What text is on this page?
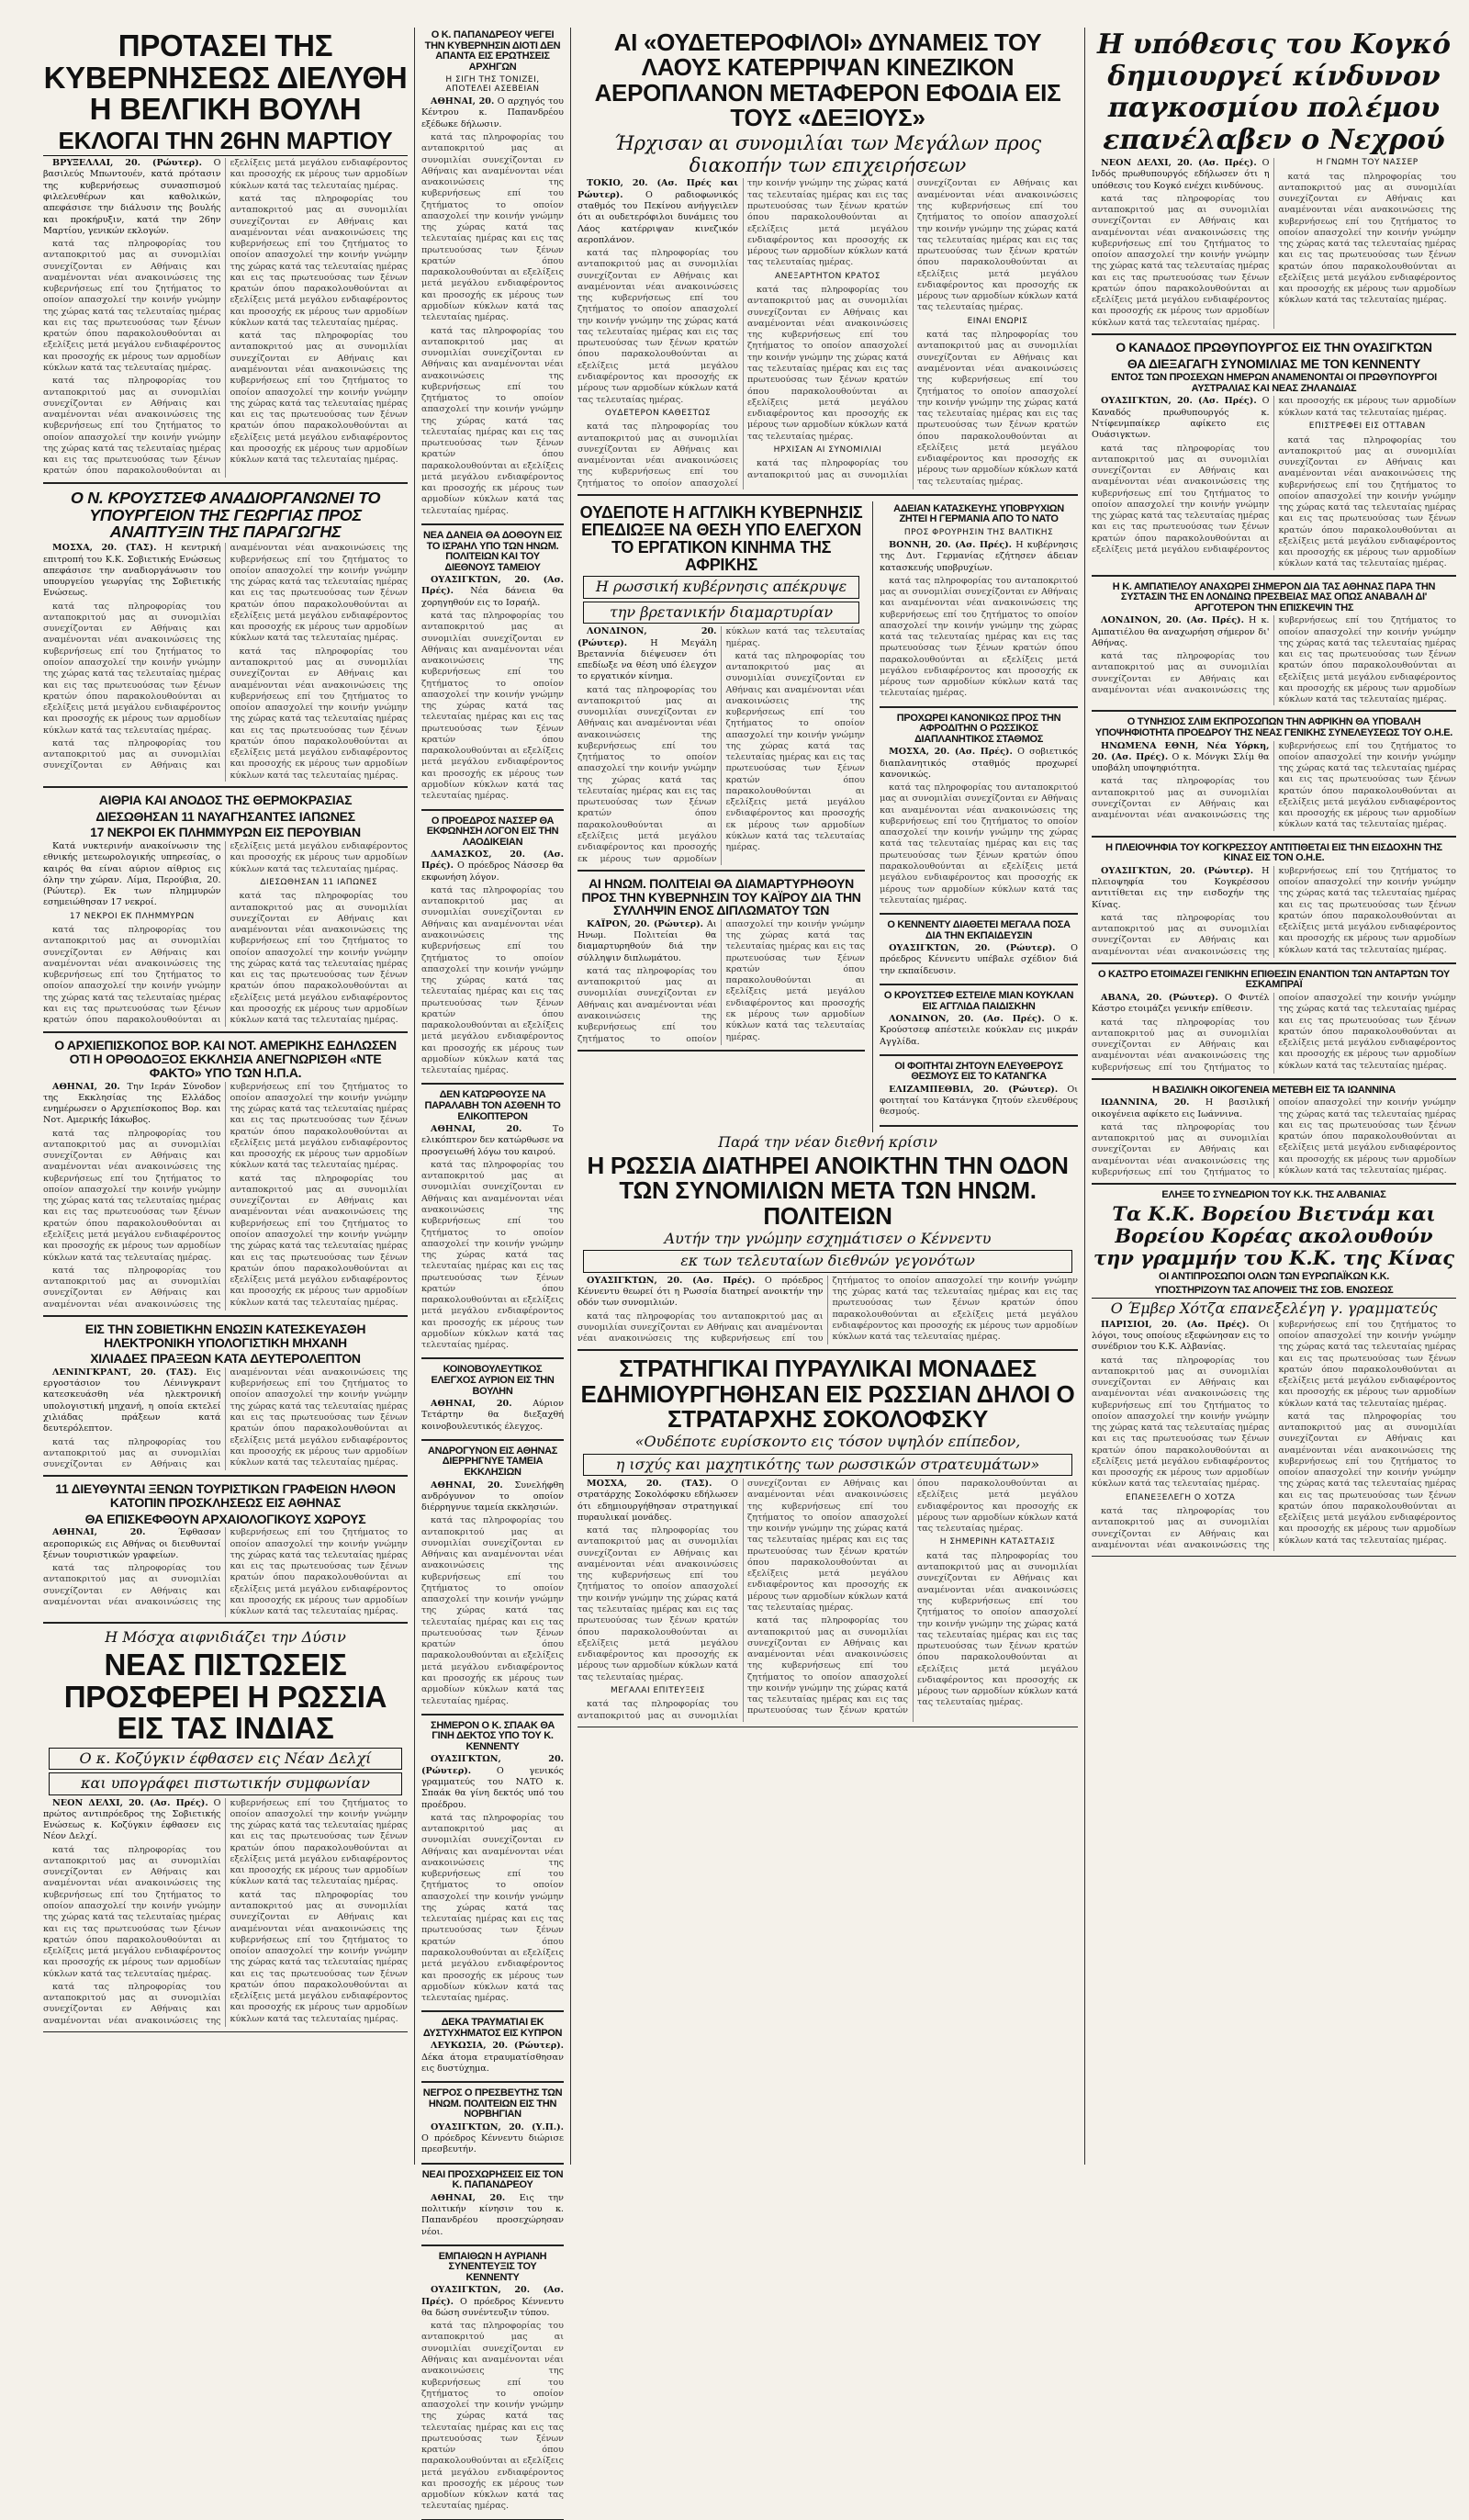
ΠΡΟΤΑΣΕΙ ΤΗΣ ΚΥΒΕΡΝΗΣΕΩΣ ΔΙΕΛΥΘΗ Η ΒΕΛΓΙΚΗ ΒΟΥΛΗ
ΕΚΛΟΓΑΙ ΤΗΝ 26ΗΝ ΜΑΡΤΙΟΥ

ΒΡΥΞΕΛΛΑΙ, 20. (Ρώυτερ). Ο βασιλεύς Μπωντουέν, κατά πρότασιν της κυβερνήσεως συνασπισμού φιλελευθέρων και καθολικών, απεφάσισε την διάλυσιν της βουλής και προκήρυξιν, κατά την 26ην Μαρτίου, γενικών εκλογών.

κατά τας πληροφορίας του ανταποκριτού μας αι συνομιλίαι συνεχίζονται εν Αθήναις και αναμένονται νέαι ανακοινώσεις της κυβερνήσεως επί του ζητήματος το οποίον απασχολεί την κοινήν γνώμην της χώρας κατά τας τελευταίας ημέρας και εις τας πρωτευούσας των ξένων κρατών όπου παρακολουθούνται αι εξελίξεις μετά μεγάλου ενδιαφέροντος και προσοχής εκ μέρους των αρμοδίων κύκλων κατά τας τελευταίας ημέρας.

κατά τας πληροφορίας του ανταποκριτού μας αι συνομιλίαι συνεχίζονται εν Αθήναις και αναμένονται νέαι ανακοινώσεις της κυβερνήσεως επί του ζητήματος το οποίον απασχολεί την κοινήν γνώμην της χώρας κατά τας τελευταίας ημέρας και εις τας πρωτευούσας των ξένων κρατών όπου παρακολουθούνται αι εξελίξεις μετά μεγάλου ενδιαφέροντος και προσοχής εκ μέρους των αρμοδίων κύκλων κατά τας τελευταίας ημέρας.

κατά τας πληροφορίας του ανταποκριτού μας αι συνομιλίαι συνεχίζονται εν Αθήναις και αναμένονται νέαι ανακοινώσεις της κυβερνήσεως επί του ζητήματος το οποίον απασχολεί την κοινήν γνώμην της χώρας κατά τας τελευταίας ημέρας και εις τας πρωτευούσας των ξένων κρατών όπου παρακολουθούνται αι εξελίξεις μετά μεγάλου ενδιαφέροντος και προσοχής εκ μέρους των αρμοδίων κύκλων κατά τας τελευταίας ημέρας.

κατά τας πληροφορίας του ανταποκριτού μας αι συνομιλίαι συνεχίζονται εν Αθήναις και αναμένονται νέαι ανακοινώσεις της κυβερνήσεως επί του ζητήματος το οποίον απασχολεί την κοινήν γνώμην της χώρας κατά τας τελευταίας ημέρας και εις τας πρωτευούσας των ξένων κρατών όπου παρακολουθούνται αι εξελίξεις μετά μεγάλου ενδιαφέροντος και προσοχής εκ μέρους των αρμοδίων κύκλων κατά τας τελευταίας ημέρας.

Ο Ν. ΚΡΟΥΣΤΣΕΦ ΑΝΑΔΙΟΡΓΑΝΩΝΕΙ ΤΟ ΥΠΟΥΡΓΕΙΟΝ ΤΗΣ ΓΕΩΡΓΙΑΣ ΠΡΟΣ ΑΝΑΠΤΥΞΙΝ ΤΗΣ ΠΑΡΑΓΩΓΗΣ

ΜΟΣΧΑ, 20. (ΤΑΣ). Η κεντρική επιτροπή του Κ.Κ. Σοβιετικής Ενώσεως απεφάσισε την αναδιοργάνωσιν του υπουργείου γεωργίας της Σοβιετικής Ενώσεως.

κατά τας πληροφορίας του ανταποκριτού μας αι συνομιλίαι συνεχίζονται εν Αθήναις και αναμένονται νέαι ανακοινώσεις της κυβερνήσεως επί του ζητήματος το οποίον απασχολεί την κοινήν γνώμην της χώρας κατά τας τελευταίας ημέρας και εις τας πρωτευούσας των ξένων κρατών όπου παρακολουθούνται αι εξελίξεις μετά μεγάλου ενδιαφέροντος και προσοχής εκ μέρους των αρμοδίων κύκλων κατά τας τελευταίας ημέρας.

κατά τας πληροφορίας του ανταποκριτού μας αι συνομιλίαι συνεχίζονται εν Αθήναις και αναμένονται νέαι ανακοινώσεις της κυβερνήσεως επί του ζητήματος το οποίον απασχολεί την κοινήν γνώμην της χώρας κατά τας τελευταίας ημέρας και εις τας πρωτευούσας των ξένων κρατών όπου παρακολουθούνται αι εξελίξεις μετά μεγάλου ενδιαφέροντος και προσοχής εκ μέρους των αρμοδίων κύκλων κατά τας τελευταίας ημέρας.

κατά τας πληροφορίας του ανταποκριτού μας αι συνομιλίαι συνεχίζονται εν Αθήναις και αναμένονται νέαι ανακοινώσεις της κυβερνήσεως επί του ζητήματος το οποίον απασχολεί την κοινήν γνώμην της χώρας κατά τας τελευταίας ημέρας και εις τας πρωτευούσας των ξένων κρατών όπου παρακολουθούνται αι εξελίξεις μετά μεγάλου ενδιαφέροντος και προσοχής εκ μέρους των αρμοδίων κύκλων κατά τας τελευταίας ημέρας.

ΑΙΘΡΙΑ ΚΑΙ ΑΝΟΔΟΣ ΤΗΣ ΘΕΡΜΟΚΡΑΣΙΑΣ
ΔΙΕΣΩΘΗΣΑΝ 11 ΝΑΥΑΓΗΣΑΝΤΕΣ ΙΑΠΩΝΕΣ
17 ΝΕΚΡΟΙ ΕΚ ΠΛΗΜΜΥΡΩΝ ΕΙΣ ΠΕΡΟΥΒΙΑΝ

Κατά νυκτερινήν ανακοίνωσιν της εθνικής μετεωρολογικής υπηρεσίας, ο καιρός θα είναι αύριον αίθριος εις όλην την χώραν. Λίμα, Περούβια, 20. (Ρώυτερ). Εκ των πλημμυρών εσημειώθησαν 17 νεκροί.

17 ΝΕΚΡΟΙ ΕΚ ΠΛΗΜΜΥΡΩΝ

κατά τας πληροφορίας του ανταποκριτού μας αι συνομιλίαι συνεχίζονται εν Αθήναις και αναμένονται νέαι ανακοινώσεις της κυβερνήσεως επί του ζητήματος το οποίον απασχολεί την κοινήν γνώμην της χώρας κατά τας τελευταίας ημέρας και εις τας πρωτευούσας των ξένων κρατών όπου παρακολουθούνται αι εξελίξεις μετά μεγάλου ενδιαφέροντος και προσοχής εκ μέρους των αρμοδίων κύκλων κατά τας τελευταίας ημέρας.

ΔΙΕΣΩΘΗΣΑΝ 11 ΙΑΠΩΝΕΣ

κατά τας πληροφορίας του ανταποκριτού μας αι συνομιλίαι συνεχίζονται εν Αθήναις και αναμένονται νέαι ανακοινώσεις της κυβερνήσεως επί του ζητήματος το οποίον απασχολεί την κοινήν γνώμην της χώρας κατά τας τελευταίας ημέρας και εις τας πρωτευούσας των ξένων κρατών όπου παρακολουθούνται αι εξελίξεις μετά μεγάλου ενδιαφέροντος και προσοχής εκ μέρους των αρμοδίων κύκλων κατά τας τελευταίας ημέρας.

Ο ΑΡΧΙΕΠΙΣΚΟΠΟΣ ΒΟΡ. ΚΑΙ ΝΟΤ. ΑΜΕΡΙΚΗΣ ΕΔΗΛΩΣΕΝ ΟΤΙ Η ΟΡΘΟΔΟΞΟΣ ΕΚΚΛΗΣΙΑ ΑΝΕΓΝΩΡΙΣΘΗ «ΝΤΕ ΦΑΚΤΟ» ΥΠΟ ΤΩΝ Η.Π.Α.

ΑΘΗΝΑΙ, 20. Την Ιεράν Σύνοδον της Εκκλησίας της Ελλάδος ενημέρωσεν ο Αρχιεπίσκοπος Βορ. και Νοτ. Αμερικής Ιάκωβος.

κατά τας πληροφορίας του ανταποκριτού μας αι συνομιλίαι συνεχίζονται εν Αθήναις και αναμένονται νέαι ανακοινώσεις της κυβερνήσεως επί του ζητήματος το οποίον απασχολεί την κοινήν γνώμην της χώρας κατά τας τελευταίας ημέρας και εις τας πρωτευούσας των ξένων κρατών όπου παρακολουθούνται αι εξελίξεις μετά μεγάλου ενδιαφέροντος και προσοχής εκ μέρους των αρμοδίων κύκλων κατά τας τελευταίας ημέρας.

κατά τας πληροφορίας του ανταποκριτού μας αι συνομιλίαι συνεχίζονται εν Αθήναις και αναμένονται νέαι ανακοινώσεις της κυβερνήσεως επί του ζητήματος το οποίον απασχολεί την κοινήν γνώμην της χώρας κατά τας τελευταίας ημέρας και εις τας πρωτευούσας των ξένων κρατών όπου παρακολουθούνται αι εξελίξεις μετά μεγάλου ενδιαφέροντος και προσοχής εκ μέρους των αρμοδίων κύκλων κατά τας τελευταίας ημέρας.

κατά τας πληροφορίας του ανταποκριτού μας αι συνομιλίαι συνεχίζονται εν Αθήναις και αναμένονται νέαι ανακοινώσεις της κυβερνήσεως επί του ζητήματος το οποίον απασχολεί την κοινήν γνώμην της χώρας κατά τας τελευταίας ημέρας και εις τας πρωτευούσας των ξένων κρατών όπου παρακολουθούνται αι εξελίξεις μετά μεγάλου ενδιαφέροντος και προσοχής εκ μέρους των αρμοδίων κύκλων κατά τας τελευταίας ημέρας.

ΕΙΣ ΤΗΝ ΣΟΒΙΕΤΙΚΗΝ ΕΝΩΣΙΝ ΚΑΤΕΣΚΕΥΑΣΘΗ ΗΛΕΚΤΡΟΝΙΚΗ ΥΠΟΛΟΓΙΣΤΙΚΗ ΜΗΧΑΝΗ
ΧΙΛΙΑΔΕΣ ΠΡΑΞΕΩΝ ΚΑΤΑ ΔΕΥΤΕΡΟΛΕΠΤΟΝ

ΛΕΝΙΝΓΚΡΑΝΤ, 20. (ΤΑΣ). Εις εργοστάσιον του Λένινγκραντ κατεσκευάσθη νέα ηλεκτρονική υπολογιστική μηχανή, η οποία εκτελεί χιλιάδας πράξεων κατά δευτερόλεπτον.

κατά τας πληροφορίας του ανταποκριτού μας αι συνομιλίαι συνεχίζονται εν Αθήναις και αναμένονται νέαι ανακοινώσεις της κυβερνήσεως επί του ζητήματος το οποίον απασχολεί την κοινήν γνώμην της χώρας κατά τας τελευταίας ημέρας και εις τας πρωτευούσας των ξένων κρατών όπου παρακολουθούνται αι εξελίξεις μετά μεγάλου ενδιαφέροντος και προσοχής εκ μέρους των αρμοδίων κύκλων κατά τας τελευταίας ημέρας.

11 ΔΙΕΥΘΥΝΤΑΙ ΞΕΝΩΝ ΤΟΥΡΙΣΤΙΚΩΝ ΓΡΑΦΕΙΩΝ ΗΛΘΟΝ ΚΑΤΟΠΙΝ ΠΡΟΣΚΛΗΣΕΩΣ ΕΙΣ ΑΘΗΝΑΣ
ΘΑ ΕΠΙΣΚΕΦΘΟΥΝ ΑΡΧΑΙΟΛΟΓΙΚΟΥΣ ΧΩΡΟΥΣ

ΑΘΗΝΑΙ, 20.	Έφθασαν αεροπορικώς εις Αθήνας οι διευθυνταί ξένων τουριστικών γραφείων.

κατά τας πληροφορίας του ανταποκριτού μας αι συνομιλίαι συνεχίζονται εν Αθήναις και αναμένονται νέαι ανακοινώσεις της κυβερνήσεως επί του ζητήματος το οποίον απασχολεί την κοινήν γνώμην της χώρας κατά τας τελευταίας ημέρας και εις τας πρωτευούσας των ξένων κρατών όπου παρακολουθούνται αι εξελίξεις μετά μεγάλου ενδιαφέροντος και προσοχής εκ μέρους των αρμοδίων κύκλων κατά τας τελευταίας ημέρας.

Η Μόσχα αιφνιδιάζει την Δύσιν
ΝΕΑΣ ΠΙΣΤΩΣΕΙΣ ΠΡΟΣΦΕΡΕΙ Η ΡΩΣΣΙΑ ΕΙΣ ΤΑΣ ΙΝΔΙΑΣ
Ο κ. Κοζύγκιν έφθασεν εις Νέαν Δελχί
και υπογράφει πιστωτικήν συμφωνίαν

ΝΕΟΝ ΔΕΛΧΙ, 20. (Ασ. Πρές). Ο πρώτος αντιπρόεδρος της Σοβιετικής Ενώσεως κ. Κοζύγκιν έφθασεν εις Νέον Δελχί.

κατά τας πληροφορίας του ανταποκριτού μας αι συνομιλίαι συνεχίζονται εν Αθήναις και αναμένονται νέαι ανακοινώσεις της κυβερνήσεως επί του ζητήματος το οποίον απασχολεί την κοινήν γνώμην της χώρας κατά τας τελευταίας ημέρας και εις τας πρωτευούσας των ξένων κρατών όπου παρακολουθούνται αι εξελίξεις μετά μεγάλου ενδιαφέροντος και προσοχής εκ μέρους των αρμοδίων κύκλων κατά τας τελευταίας ημέρας.

κατά τας πληροφορίας του ανταποκριτού μας αι συνομιλίαι συνεχίζονται εν Αθήναις και αναμένονται νέαι ανακοινώσεις της κυβερνήσεως επί του ζητήματος το οποίον απασχολεί την κοινήν γνώμην της χώρας κατά τας τελευταίας ημέρας και εις τας πρωτευούσας των ξένων κρατών όπου παρακολουθούνται αι εξελίξεις μετά μεγάλου ενδιαφέροντος και προσοχής εκ μέρους των αρμοδίων κύκλων κατά τας τελευταίας ημέρας.

κατά τας πληροφορίας του ανταποκριτού μας αι συνομιλίαι συνεχίζονται εν Αθήναις και αναμένονται νέαι ανακοινώσεις της κυβερνήσεως επί του ζητήματος το οποίον απασχολεί την κοινήν γνώμην της χώρας κατά τας τελευταίας ημέρας και εις τας πρωτευούσας των ξένων κρατών όπου παρακολουθούνται αι εξελίξεις μετά μεγάλου ενδιαφέροντος και προσοχής εκ μέρους των αρμοδίων κύκλων κατά τας τελευταίας ημέρας.

Ο Κ. ΠΑΠΑΝΔΡΕΟΥ ΨΕΓΕΙ ΤΗΝ ΚΥΒΕΡΝΗΣΙΝ ΔΙΟΤΙ ΔΕΝ ΑΠΑΝΤΑ ΕΙΣ ΕΡΩΤΗΣΕΙΣ ΑΡΧΗΓΩΝ
Η ΣΙΓΗ ΤΗΣ ΤΟΝΙΖΕΙ, ΑΠΟΤΕΛΕΙ ΑΣΕΒΕΙΑΝ

ΑΘΗΝΑΙ, 20. Ο αρχηγός του Κέντρου κ. Παπανδρέου εξέδωκε δήλωσιν.

κατά τας πληροφορίας του ανταποκριτού μας αι συνομιλίαι συνεχίζονται εν Αθήναις και αναμένονται νέαι ανακοινώσεις της κυβερνήσεως επί του ζητήματος το οποίον απασχολεί την κοινήν γνώμην της χώρας κατά τας τελευταίας ημέρας και εις τας πρωτευούσας των ξένων κρατών όπου παρακολουθούνται αι εξελίξεις μετά μεγάλου ενδιαφέροντος και προσοχής εκ μέρους των αρμοδίων κύκλων κατά τας τελευταίας ημέρας.

κατά τας πληροφορίας του ανταποκριτού μας αι συνομιλίαι συνεχίζονται εν Αθήναις και αναμένονται νέαι ανακοινώσεις της κυβερνήσεως επί του ζητήματος το οποίον απασχολεί την κοινήν γνώμην της χώρας κατά τας τελευταίας ημέρας και εις τας πρωτευούσας των ξένων κρατών όπου παρακολουθούνται αι εξελίξεις μετά μεγάλου ενδιαφέροντος και προσοχής εκ μέρους των αρμοδίων κύκλων κατά τας τελευταίας ημέρας.

ΝΕΑ ΔΑΝΕΙΑ ΘΑ ΔΟΘΟΥΝ ΕΙΣ ΤΟ ΙΣΡΑΗΛ ΥΠΟ ΤΩΝ ΗΝΩΜ. ΠΟΛΙΤΕΙΩΝ ΚΑΙ ΤΟΥ ΔΙΕΘΝΟΥΣ ΤΑΜΕΙΟΥ

ΟΥΑΣΙΓΚΤΩΝ, 20. (Ασ. Πρές). Νέα δάνεια θα χορηγηθούν εις το Ισραήλ.

κατά τας πληροφορίας του ανταποκριτού μας αι συνομιλίαι συνεχίζονται εν Αθήναις και αναμένονται νέαι ανακοινώσεις της κυβερνήσεως επί του ζητήματος το οποίον απασχολεί την κοινήν γνώμην της χώρας κατά τας τελευταίας ημέρας και εις τας πρωτευούσας των ξένων κρατών όπου παρακολουθούνται αι εξελίξεις μετά μεγάλου ενδιαφέροντος και προσοχής εκ μέρους των αρμοδίων κύκλων κατά τας τελευταίας ημέρας.

Ο ΠΡΟΕΔΡΟΣ ΝΑΣΣΕΡ ΘΑ ΕΚΦΩΝΗΣΗ ΛΟΓΟΝ ΕΙΣ ΤΗΝ ΛΑΟΔΙΚΕΙΑΝ

ΔΑΜΑΣΚΟΣ, 20. (Ασ. Πρές). Ο πρόεδρος Νάσσερ θα εκφωνήση λόγον.

κατά τας πληροφορίας του ανταποκριτού μας αι συνομιλίαι συνεχίζονται εν Αθήναις και αναμένονται νέαι ανακοινώσεις της κυβερνήσεως επί του ζητήματος το οποίον απασχολεί την κοινήν γνώμην της χώρας κατά τας τελευταίας ημέρας και εις τας πρωτευούσας των ξένων κρατών όπου παρακολουθούνται αι εξελίξεις μετά μεγάλου ενδιαφέροντος και προσοχής εκ μέρους των αρμοδίων κύκλων κατά τας τελευταίας ημέρας.

ΔΕΝ ΚΑΤΩΡΘΟΥΣΕ ΝΑ ΠΑΡΑΛΑΒΗ ΤΟΝ ΑΣΘΕΝΗ ΤΟ ΕΛΙΚΟΠΤΕΡΟΝ

ΑΘΗΝΑΙ, 20.	Το ελικόπτερον δεν κατώρθωσε να προσγειωθή λόγω του καιρού.

κατά τας πληροφορίας του ανταποκριτού μας αι συνομιλίαι συνεχίζονται εν Αθήναις και αναμένονται νέαι ανακοινώσεις της κυβερνήσεως επί του ζητήματος το οποίον απασχολεί την κοινήν γνώμην της χώρας κατά τας τελευταίας ημέρας και εις τας πρωτευούσας των ξένων κρατών όπου παρακολουθούνται αι εξελίξεις μετά μεγάλου ενδιαφέροντος και προσοχής εκ μέρους των αρμοδίων κύκλων κατά τας τελευταίας ημέρας.

ΚΟΙΝΟΒΟΥΛΕΥΤΙΚΟΣ ΕΛΕΓΧΟΣ ΑΥΡΙΟΝ ΕΙΣ ΤΗΝ ΒΟΥΛΗΝ

ΑΘΗΝΑΙ, 20. Αύριον Τετάρτην θα διεξαχθή κοινοβουλευτικός έλεγχος.

ΑΝΔΡΟΓΥΝΟΝ ΕΙΣ ΑΘΗΝΑΣ ΔΙΕΡΡΗΓΝΥΕ ΤΑΜΕΙΑ ΕΚΚΛΗΣΙΩΝ

ΑΘΗΝΑΙ, 20. Συνελήφθη ανδρόγυνον το οποίον διέρρηγνυε ταμεία εκκλησιών.

κατά τας πληροφορίας του ανταποκριτού μας αι συνομιλίαι συνεχίζονται εν Αθήναις και αναμένονται νέαι ανακοινώσεις της κυβερνήσεως επί του ζητήματος το οποίον απασχολεί την κοινήν γνώμην της χώρας κατά τας τελευταίας ημέρας και εις τας πρωτευούσας των ξένων κρατών όπου παρακολουθούνται αι εξελίξεις μετά μεγάλου ενδιαφέροντος και προσοχής εκ μέρους των αρμοδίων κύκλων κατά τας τελευταίας ημέρας.

ΣΗΜΕΡΟΝ Ο Κ. ΣΠΑΑΚ ΘΑ ΓΙΝΗ ΔΕΚΤΟΣ ΥΠΟ ΤΟΥ Κ. ΚΕΝΝΕΝΤΥ

ΟΥΑΣΙΓΚΤΩΝ, 20. (Ρώυτερ).	Ο γενικός γραμματεύς του ΝΑΤΟ κ. Σπαάκ θα γίνη δεκτός υπό του προέδρου.

κατά τας πληροφορίας του ανταποκριτού μας αι συνομιλίαι συνεχίζονται εν Αθήναις και αναμένονται νέαι ανακοινώσεις της κυβερνήσεως επί του ζητήματος το οποίον απασχολεί την κοινήν γνώμην της χώρας κατά τας τελευταίας ημέρας και εις τας πρωτευούσας των ξένων κρατών όπου παρακολουθούνται αι εξελίξεις μετά μεγάλου ενδιαφέροντος και προσοχής εκ μέρους των αρμοδίων κύκλων κατά τας τελευταίας ημέρας.

ΔΕΚΑ ΤΡΑΥΜΑΤΙΑΙ ΕΚ ΔΥΣΤΥΧΗΜΑΤΟΣ ΕΙΣ ΚΥΠΡΟΝ

ΛΕΥΚΩΣΙΑ, 20. (Ρώυτερ). Δέκα άτομα ετραυματίσθησαν εις δυστύχημα.

ΝΕΓΡΟΣ Ο ΠΡΕΣΒΕΥΤΗΣ ΤΩΝ ΗΝΩΜ. ΠΟΛΙΤΕΙΩΝ ΕΙΣ ΤΗΝ ΝΟΡΒΗΓΙΑΝ

ΟΥΑΣΙΓΚΤΩΝ, 20. (Υ.Π.). Ο πρόεδρος Κέννεντυ διώρισε πρεσβευτήν.

ΝΕΑΙ ΠΡΟΣΧΩΡΗΣΕΙΣ ΕΙΣ ΤΟΝ Κ. ΠΑΠΑΝΔΡΕΟΥ

ΑΘΗΝΑΙ, 20. Εις την πολιτικήν κίνησιν του κ. Παπανδρέου προσεχώρησαν νέοι.

ΕΜΠΑΙΘΩΝ Η ΑΥΡΙΑΝΗ ΣΥΝΕΝΤΕΥΞΙΣ ΤΟΥ ΚΕΝΝΕΝΤΥ

ΟΥΑΣΙΓΚΤΩΝ, 20. (Ασ. Πρές). Ο πρόεδρος Κέννεντυ θα δώση συνέντευξιν τύπου.

κατά τας πληροφορίας του ανταποκριτού μας αι συνομιλίαι συνεχίζονται εν Αθήναις και αναμένονται νέαι ανακοινώσεις της κυβερνήσεως επί του ζητήματος το οποίον απασχολεί την κοινήν γνώμην της χώρας κατά τας τελευταίας ημέρας και εις τας πρωτευούσας των ξένων κρατών όπου παρακολουθούνται αι εξελίξεις μετά μεγάλου ενδιαφέροντος και προσοχής εκ μέρους των αρμοδίων κύκλων κατά τας τελευταίας ημέρας.

ΑΙ «ΟΥΔΕΤΕΡΟΦΙΛΟΙ» ΔΥΝΑΜΕΙΣ ΤΟΥ ΛΑΟΥΣ ΚΑΤΕΡΡΙΨΑΝ ΚΙΝΕΖΙΚΟΝ ΑΕΡΟΠΛΑΝΟΝ ΜΕΤΑΦΕΡΟΝ ΕΦΟΔΙΑ ΕΙΣ ΤΟΥΣ «ΔΕΞΙΟΥΣ»
Ήρχισαν αι συνομιλίαι των Μεγάλων προς διακοπήν των επιχειρήσεων

ΤΟΚΙΟ, 20. (Ασ. Πρές και Ρώυτερ).	Ο ραδιοφωνικός σταθμός του Πεκίνου ανήγγειλεν ότι αι ουδετερόφιλοι δυνάμεις του Λάος κατέρριψαν κινεζικόν αεροπλάνον.

κατά τας πληροφορίας του ανταποκριτού μας αι συνομιλίαι συνεχίζονται εν Αθήναις και αναμένονται νέαι ανακοινώσεις της κυβερνήσεως επί του ζητήματος το οποίον απασχολεί την κοινήν γνώμην της χώρας κατά τας τελευταίας ημέρας και εις τας πρωτευούσας των ξένων κρατών όπου παρακολουθούνται αι εξελίξεις μετά μεγάλου ενδιαφέροντος και προσοχής εκ μέρους των αρμοδίων κύκλων κατά τας τελευταίας ημέρας.

ΟΥΔΕΤΕΡΟΝ ΚΑΘΕΣΤΩΣ

κατά τας πληροφορίας του ανταποκριτού μας αι συνομιλίαι συνεχίζονται εν Αθήναις και αναμένονται νέαι ανακοινώσεις της κυβερνήσεως επί του ζητήματος το οποίον απασχολεί την κοινήν γνώμην της χώρας κατά τας τελευταίας ημέρας και εις τας πρωτευούσας των ξένων κρατών όπου παρακολουθούνται αι εξελίξεις μετά μεγάλου ενδιαφέροντος και προσοχής εκ μέρους των αρμοδίων κύκλων κατά τας τελευταίας ημέρας.

ΑΝΕΞΑΡΤΗΤΟΝ ΚΡΑΤΟΣ

κατά τας πληροφορίας του ανταποκριτού μας αι συνομιλίαι συνεχίζονται εν Αθήναις και αναμένονται νέαι ανακοινώσεις της κυβερνήσεως επί του ζητήματος το οποίον απασχολεί την κοινήν γνώμην της χώρας κατά τας τελευταίας ημέρας και εις τας πρωτευούσας των ξένων κρατών όπου παρακολουθούνται αι εξελίξεις μετά μεγάλου ενδιαφέροντος και προσοχής εκ μέρους των αρμοδίων κύκλων κατά τας τελευταίας ημέρας.

ΗΡΧΙΣΑΝ ΑΙ ΣΥΝΟΜΙΛΙΑΙ

κατά τας πληροφορίας του ανταποκριτού μας αι συνομιλίαι συνεχίζονται εν Αθήναις και αναμένονται νέαι ανακοινώσεις της κυβερνήσεως επί του ζητήματος το οποίον απασχολεί την κοινήν γνώμην της χώρας κατά τας τελευταίας ημέρας και εις τας πρωτευούσας των ξένων κρατών όπου παρακολουθούνται αι εξελίξεις μετά μεγάλου ενδιαφέροντος και προσοχής εκ μέρους των αρμοδίων κύκλων κατά τας τελευταίας ημέρας.

ΕΙΝΑΙ ΕΝΩΡΙΣ

κατά τας πληροφορίας του ανταποκριτού μας αι συνομιλίαι συνεχίζονται εν Αθήναις και αναμένονται νέαι ανακοινώσεις της κυβερνήσεως επί του ζητήματος το οποίον απασχολεί την κοινήν γνώμην της χώρας κατά τας τελευταίας ημέρας και εις τας πρωτευούσας των ξένων κρατών όπου παρακολουθούνται αι εξελίξεις μετά μεγάλου ενδιαφέροντος και προσοχής εκ μέρους των αρμοδίων κύκλων κατά τας τελευταίας ημέρας.

ΟΥΔΕΠΟΤΕ Η ΑΓΓΛΙΚΗ ΚΥΒΕΡΝΗΣΙΣ ΕΠΕΔΙΩΞΕ ΝΑ ΘΕΣΗ ΥΠΟ ΕΛΕΓΧΟΝ ΤΟ ΕΡΓΑΤΙΚΟΝ ΚΙΝΗΜΑ ΤΗΣ ΑΦΡΙΚΗΣ
Η ρωσσική κυβέρνησις απέκρυψε
την βρετανικήν διαμαρτυρίαν

ΛΟΝΔΙΝΟΝ, 20. (Ρώυτερ).	Η Μεγάλη Βρεταννία διέψευσεν ότι επεδίωξε να θέση υπό έλεγχον το εργατικόν κίνημα.

κατά τας πληροφορίας του ανταποκριτού μας αι συνομιλίαι συνεχίζονται εν Αθήναις και αναμένονται νέαι ανακοινώσεις της κυβερνήσεως επί του ζητήματος το οποίον απασχολεί την κοινήν γνώμην της χώρας κατά τας τελευταίας ημέρας και εις τας πρωτευούσας των ξένων κρατών όπου παρακολουθούνται αι εξελίξεις μετά μεγάλου ενδιαφέροντος και προσοχής εκ μέρους των αρμοδίων κύκλων κατά τας τελευταίας ημέρας.

κατά τας πληροφορίας του ανταποκριτού μας αι συνομιλίαι συνεχίζονται εν Αθήναις και αναμένονται νέαι ανακοινώσεις της κυβερνήσεως επί του ζητήματος το οποίον απασχολεί την κοινήν γνώμην της χώρας κατά τας τελευταίας ημέρας και εις τας πρωτευούσας των ξένων κρατών όπου παρακολουθούνται αι εξελίξεις μετά μεγάλου ενδιαφέροντος και προσοχής εκ μέρους των αρμοδίων κύκλων κατά τας τελευταίας ημέρας.

ΑΙ ΗΝΩΜ. ΠΟΛΙΤΕΙΑΙ ΘΑ ΔΙΑΜΑΡΤΥΡΗΘΟΥΝ ΠΡΟΣ ΤΗΝ ΚΥΒΕΡΝΗΣΙΝ ΤΟΥ ΚΑΪΡΟΥ ΔΙΑ ΤΗΝ ΣΥΛΛΗΨΙΝ ΕΝΟΣ ΔΙΠΛΩΜΑΤΟΥ ΤΩΝ

ΚΑΪΡΟΝ, 20. (Ρώυτερ). Αι Ηνωμ. Πολιτείαι θα διαμαρτυρηθούν διά την σύλληψιν διπλωμάτου.

κατά τας πληροφορίας του ανταποκριτού μας αι συνομιλίαι συνεχίζονται εν Αθήναις και αναμένονται νέαι ανακοινώσεις της κυβερνήσεως επί του ζητήματος το οποίον απασχολεί την κοινήν γνώμην της χώρας κατά τας τελευταίας ημέρας και εις τας πρωτευούσας των ξένων κρατών όπου παρακολουθούνται αι εξελίξεις μετά μεγάλου ενδιαφέροντος και προσοχής εκ μέρους των αρμοδίων κύκλων κατά τας τελευταίας ημέρας.

ΑΔΕΙΑΝ ΚΑΤΑΣΚΕΥΗΣ ΥΠΟΒΡΥΧΙΩΝ ΖΗΤΕΙ Η ΓΕΡΜΑΝΙΑ ΑΠΟ ΤΟ ΝΑΤΟ
ΠΡΟΣ ΦΡΟΥΡΗΣΙΝ ΤΗΣ ΒΑΛΤΙΚΗΣ

ΒΟΝΝΗ, 20. (Ασ. Πρές). Η κυβέρνησις της Δυτ. Γερμανίας εζήτησεν άδειαν κατασκευής υποβρυχίων.

κατά τας πληροφορίας του ανταποκριτού μας αι συνομιλίαι συνεχίζονται εν Αθήναις και αναμένονται νέαι ανακοινώσεις της κυβερνήσεως επί του ζητήματος το οποίον απασχολεί την κοινήν γνώμην της χώρας κατά τας τελευταίας ημέρας και εις τας πρωτευούσας των ξένων κρατών όπου παρακολουθούνται αι εξελίξεις μετά μεγάλου ενδιαφέροντος και προσοχής εκ μέρους των αρμοδίων κύκλων κατά τας τελευταίας ημέρας.

ΠΡΟΧΩΡΕΙ ΚΑΝΟΝΙΚΩΣ ΠΡΟΣ ΤΗΝ ΑΦΡΟΔΙΤΗΝ Ο ΡΩΣΣΙΚΟΣ ΔΙΑΠΛΑΝΗΤΙΚΟΣ ΣΤΑΘΜΟΣ

ΜΟΣΧΑ, 20. (Ασ. Πρές). Ο σοβιετικός διαπλανητικός σταθμός προχωρεί κανονικώς.

κατά τας πληροφορίας του ανταποκριτού μας αι συνομιλίαι συνεχίζονται εν Αθήναις και αναμένονται νέαι ανακοινώσεις της κυβερνήσεως επί του ζητήματος το οποίον απασχολεί την κοινήν γνώμην της χώρας κατά τας τελευταίας ημέρας και εις τας πρωτευούσας των ξένων κρατών όπου παρακολουθούνται αι εξελίξεις μετά μεγάλου ενδιαφέροντος και προσοχής εκ μέρους των αρμοδίων κύκλων κατά τας τελευταίας ημέρας.

Ο ΚΕΝΝΕΝΤΥ ΔΙΑΘΕΤΕΙ ΜΕΓΑΛΑ ΠΟΣΑ ΔΙΑ ΤΗΝ ΕΚΠΑΙΔΕΥΣΙΝ

ΟΥΑΣΙΓΚΤΩΝ, 20. (Ρώυτερ). Ο πρόεδρος Κέννεντυ υπέβαλε σχέδιον διά την εκπαίδευσιν.

Ο ΚΡΟΥΣΤΣΕΦ ΕΣΤΕΙΛΕ ΜΙΑΝ ΚΟΥΚΛΑΝ ΕΙΣ ΑΓΓΛΙΔΑ ΠΑΙΔΙΣΚΗΝ

ΛΟΝΔΙΝΟΝ, 20. (Ασ. Πρές). Ο κ. Κρούστσεφ απέστειλε κούκλαν εις μικράν Αγγλίδα.

ΟΙ ΦΟΙΤΗΤΑΙ ΖΗΤΟΥΝ ΕΛΕΥΘΕΡΟΥΣ ΘΕΣΜΟΥΣ ΕΙΣ ΤΟ ΚΑΤΑΝΓΚΑ

ΕΛΙΖΑΜΠΕΘΒΙΛ, 20. (Ρώυτερ). Οι φοιτηταί του Κατάνγκα ζητούν ελευθέρους θεσμούς.

Παρά την νέαν διεθνή κρίσιν
Η ΡΩΣΣΙΑ ΔΙΑΤΗΡΕΙ ΑΝΟΙΚΤΗΝ ΤΗΝ ΟΔΟΝ ΤΩΝ ΣΥΝΟΜΙΛΙΩΝ ΜΕΤΑ ΤΩΝ ΗΝΩΜ. ΠΟΛΙΤΕΙΩΝ
Αυτήν την γνώμην εσχημάτισεν ο Κέννεντυ
εκ των τελευταίων διεθνών γεγονότων

ΟΥΑΣΙΓΚΤΩΝ, 20. (Ασ. Πρές). Ο πρόεδρος Κέννεντυ θεωρεί ότι η Ρωσσία διατηρεί ανοικτήν την οδόν των συνομιλιών.

κατά τας πληροφορίας του ανταποκριτού μας αι συνομιλίαι συνεχίζονται εν Αθήναις και αναμένονται νέαι ανακοινώσεις της κυβερνήσεως επί του ζητήματος το οποίον απασχολεί την κοινήν γνώμην της χώρας κατά τας τελευταίας ημέρας και εις τας πρωτευούσας των ξένων κρατών όπου παρακολουθούνται αι εξελίξεις μετά μεγάλου ενδιαφέροντος και προσοχής εκ μέρους των αρμοδίων κύκλων κατά τας τελευταίας ημέρας.

ΣΤΡΑΤΗΓΙΚΑΙ ΠΥΡΑΥΛΙΚΑΙ ΜΟΝΑΔΕΣ ΕΔΗΜΙΟΥΡΓΗΘΗΣΑΝ ΕΙΣ ΡΩΣΣΙΑΝ ΔΗΛΟΙ Ο ΣΤΡΑΤΑΡΧΗΣ ΣΟΚΟΛΟΦΣΚΥ
«Ουδέποτε ευρίσκοντο εις τόσον υψηλόν επίπεδον,
η ισχύς και μαχητικότης των ρωσσικών στρατευμάτων»

ΜΟΣΧΑ, 20. (ΤΑΣ). Ο στρατάρχης Σοκολόφσκυ εδήλωσεν ότι εδημιουργήθησαν στρατηγικαί πυραυλικαί μονάδες.

κατά τας πληροφορίας του ανταποκριτού μας αι συνομιλίαι συνεχίζονται εν Αθήναις και αναμένονται νέαι ανακοινώσεις της κυβερνήσεως επί του ζητήματος το οποίον απασχολεί την κοινήν γνώμην της χώρας κατά τας τελευταίας ημέρας και εις τας πρωτευούσας των ξένων κρατών όπου παρακολουθούνται αι εξελίξεις μετά μεγάλου ενδιαφέροντος και προσοχής εκ μέρους των αρμοδίων κύκλων κατά τας τελευταίας ημέρας.

ΜΕΓΑΛΑΙ ΕΠΙΤΕΥΞΕΙΣ

κατά τας πληροφορίας του ανταποκριτού μας αι συνομιλίαι συνεχίζονται εν Αθήναις και αναμένονται νέαι ανακοινώσεις της κυβερνήσεως επί του ζητήματος το οποίον απασχολεί την κοινήν γνώμην της χώρας κατά τας τελευταίας ημέρας και εις τας πρωτευούσας των ξένων κρατών όπου παρακολουθούνται αι εξελίξεις μετά μεγάλου ενδιαφέροντος και προσοχής εκ μέρους των αρμοδίων κύκλων κατά τας τελευταίας ημέρας.

κατά τας πληροφορίας του ανταποκριτού μας αι συνομιλίαι συνεχίζονται εν Αθήναις και αναμένονται νέαι ανακοινώσεις της κυβερνήσεως επί του ζητήματος το οποίον απασχολεί την κοινήν γνώμην της χώρας κατά τας τελευταίας ημέρας και εις τας πρωτευούσας των ξένων κρατών όπου παρακολουθούνται αι εξελίξεις μετά μεγάλου ενδιαφέροντος και προσοχής εκ μέρους των αρμοδίων κύκλων κατά τας τελευταίας ημέρας.

Η ΣΗΜΕΡΙΝΗ ΚΑΤΑΣΤΑΣΙΣ

κατά τας πληροφορίας του ανταποκριτού μας αι συνομιλίαι συνεχίζονται εν Αθήναις και αναμένονται νέαι ανακοινώσεις της κυβερνήσεως επί του ζητήματος το οποίον απασχολεί την κοινήν γνώμην της χώρας κατά τας τελευταίας ημέρας και εις τας πρωτευούσας των ξένων κρατών όπου παρακολουθούνται αι εξελίξεις μετά μεγάλου ενδιαφέροντος και προσοχής εκ μέρους των αρμοδίων κύκλων κατά τας τελευταίας ημέρας.

Η υπόθεσις του Κογκό δημιουργεί κίνδυνον παγκοσμίου πολέμου επανέλαβεν ο Νεχρού

ΝΕΟΝ ΔΕΛΧΙ, 20. (Ασ. Πρές). Ο Ινδός πρωθυπουργός εδήλωσεν ότι η υπόθεσις του Κογκό ενέχει κινδύνους.

κατά τας πληροφορίας του ανταποκριτού μας αι συνομιλίαι συνεχίζονται εν Αθήναις και αναμένονται νέαι ανακοινώσεις της κυβερνήσεως επί του ζητήματος το οποίον απασχολεί την κοινήν γνώμην της χώρας κατά τας τελευταίας ημέρας και εις τας πρωτευούσας των ξένων κρατών όπου παρακολουθούνται αι εξελίξεις μετά μεγάλου ενδιαφέροντος και προσοχής εκ μέρους των αρμοδίων κύκλων κατά τας τελευταίας ημέρας.

Η ΓΝΩΜΗ ΤΟΥ ΝΑΣΣΕΡ

κατά τας πληροφορίας του ανταποκριτού μας αι συνομιλίαι συνεχίζονται εν Αθήναις και αναμένονται νέαι ανακοινώσεις της κυβερνήσεως επί του ζητήματος το οποίον απασχολεί την κοινήν γνώμην της χώρας κατά τας τελευταίας ημέρας και εις τας πρωτευούσας των ξένων κρατών όπου παρακολουθούνται αι εξελίξεις μετά μεγάλου ενδιαφέροντος και προσοχής εκ μέρους των αρμοδίων κύκλων κατά τας τελευταίας ημέρας.

Ο ΚΑΝΑΔΟΣ ΠΡΩΘΥΠΟΥΡΓΟΣ ΕΙΣ ΤΗΝ ΟΥΑΣΙΓΚΤΩΝ
ΘΑ ΔΙΕΞΑΓΑΓΗ ΣΥΝΟΜΙΛΙΑΣ ΜΕ ΤΟΝ ΚΕΝΝΕΝΤΥ
ΕΝΤΟΣ ΤΩΝ ΠΡΟΣΕΧΩΝ ΗΜΕΡΩΝ ΑΝΑΜΕΝΟΝΤΑΙ ΟΙ ΠΡΩΘΥΠΟΥΡΓΟΙ ΑΥΣΤΡΑΛΙΑΣ ΚΑΙ ΝΕΑΣ ΖΗΛΑΝΔΙΑΣ

ΟΥΑΣΙΓΚΤΩΝ, 20. (Ασ. Πρές). Ο Καναδός πρωθυπουργός κ. Ντίφενμπαίκερ αφίκετο εις Ουάσιγκτων.

κατά τας πληροφορίας του ανταποκριτού μας αι συνομιλίαι συνεχίζονται εν Αθήναις και αναμένονται νέαι ανακοινώσεις της κυβερνήσεως επί του ζητήματος το οποίον απασχολεί την κοινήν γνώμην της χώρας κατά τας τελευταίας ημέρας και εις τας πρωτευούσας των ξένων κρατών όπου παρακολουθούνται αι εξελίξεις μετά μεγάλου ενδιαφέροντος και προσοχής εκ μέρους των αρμοδίων κύκλων κατά τας τελευταίας ημέρας.

ΕΠΙΣΤΡΕΦΕΙ ΕΙΣ ΟΤΤΑΒΑΝ

κατά τας πληροφορίας του ανταποκριτού μας αι συνομιλίαι συνεχίζονται εν Αθήναις και αναμένονται νέαι ανακοινώσεις της κυβερνήσεως επί του ζητήματος το οποίον απασχολεί την κοινήν γνώμην της χώρας κατά τας τελευταίας ημέρας και εις τας πρωτευούσας των ξένων κρατών όπου παρακολουθούνται αι εξελίξεις μετά μεγάλου ενδιαφέροντος και προσοχής εκ μέρους των αρμοδίων κύκλων κατά τας τελευταίας ημέρας.

Η Κ. ΑΜΠΑΤΙΕΛΟΥ ΑΝΑΧΩΡΕΙ ΣΗΜΕΡΟΝ ΔΙΑ ΤΑΣ ΑΘΗΝΑΣ ΠΑΡΑ ΤΗΝ ΣΥΣΤΑΣΙΝ ΤΗΣ ΕΝ ΛΟΝΔΙΝΩ ΠΡΕΣΒΕΙΑΣ ΜΑΣ ΟΠΩΣ ΑΝΑΒΑΛΗ ΔΙ' ΑΡΓΟΤΕΡΟΝ ΤΗΝ ΕΠΙΣΚΕΨΙΝ ΤΗΣ

ΛΟΝΔΙΝΟΝ, 20. (Ασ. Πρές). Η κ. Αμπατιέλου θα αναχωρήση σήμερον δι' Αθήνας.

κατά τας πληροφορίας του ανταποκριτού μας αι συνομιλίαι συνεχίζονται εν Αθήναις και αναμένονται νέαι ανακοινώσεις της κυβερνήσεως επί του ζητήματος το οποίον απασχολεί την κοινήν γνώμην της χώρας κατά τας τελευταίας ημέρας και εις τας πρωτευούσας των ξένων κρατών όπου παρακολουθούνται αι εξελίξεις μετά μεγάλου ενδιαφέροντος και προσοχής εκ μέρους των αρμοδίων κύκλων κατά τας τελευταίας ημέρας.

Ο ΤΥΝΗΣΙΟΣ ΣΛΙΜ ΕΚΠΡΟΣΩΠΩΝ ΤΗΝ ΑΦΡΙΚΗΝ ΘΑ ΥΠΟΒΑΛΗ ΥΠΟΨΗΦΙΟΤΗΤΑ ΠΡΟΕΔΡΟΥ ΤΗΣ ΝΕΑΣ ΓΕΝΙΚΗΣ ΣΥΝΕΛΕΥΣΕΩΣ ΤΟΥ Ο.Η.Ε.

ΗΝΩΜΕΝΑ ΕΘΝΗ, Νέα Υόρκη, 20. (Ασ. Πρές). Ο κ. Μόνγκι Σλίμ θα υποβάλη υποψηφιότητα.

κατά τας πληροφορίας του ανταποκριτού μας αι συνομιλίαι συνεχίζονται εν Αθήναις και αναμένονται νέαι ανακοινώσεις της κυβερνήσεως επί του ζητήματος το οποίον απασχολεί την κοινήν γνώμην της χώρας κατά τας τελευταίας ημέρας και εις τας πρωτευούσας των ξένων κρατών όπου παρακολουθούνται αι εξελίξεις μετά μεγάλου ενδιαφέροντος και προσοχής εκ μέρους των αρμοδίων κύκλων κατά τας τελευταίας ημέρας.

Η ΠΛΕΙΟΨΗΦΙΑ ΤΟΥ ΚΟΓΚΡΕΣΣΟΥ ΑΝΤΙΤΙΘΕΤΑΙ ΕΙΣ ΤΗΝ ΕΙΣΔΟΧΗΝ ΤΗΣ ΚΙΝΑΣ ΕΙΣ ΤΟΝ Ο.Η.Ε.

ΟΥΑΣΙΓΚΤΩΝ, 20. (Ρώυτερ). Η πλειοψηφία του Κογκρέσσου αντιτίθεται εις την εισδοχήν της Κίνας.

κατά τας πληροφορίας του ανταποκριτού μας αι συνομιλίαι συνεχίζονται εν Αθήναις και αναμένονται νέαι ανακοινώσεις της κυβερνήσεως επί του ζητήματος το οποίον απασχολεί την κοινήν γνώμην της χώρας κατά τας τελευταίας ημέρας και εις τας πρωτευούσας των ξένων κρατών όπου παρακολουθούνται αι εξελίξεις μετά μεγάλου ενδιαφέροντος και προσοχής εκ μέρους των αρμοδίων κύκλων κατά τας τελευταίας ημέρας.

Ο ΚΑΣΤΡΟ ΕΤΟΙΜΑΖΕΙ ΓΕΝΙΚΗΝ ΕΠΙΘΕΣΙΝ ΕΝΑΝΤΙΟΝ ΤΩΝ ΑΝΤΑΡΤΩΝ ΤΟΥ ΕΣΚΑΜΠΡΑΪ

ΑΒΑΝΑ, 20. (Ρώυτερ). Ο Φιντέλ Κάστρο ετοιμάζει γενικήν επίθεσιν.

κατά τας πληροφορίας του ανταποκριτού μας αι συνομιλίαι συνεχίζονται εν Αθήναις και αναμένονται νέαι ανακοινώσεις της κυβερνήσεως επί του ζητήματος το οποίον απασχολεί την κοινήν γνώμην της χώρας κατά τας τελευταίας ημέρας και εις τας πρωτευούσας των ξένων κρατών όπου παρακολουθούνται αι εξελίξεις μετά μεγάλου ενδιαφέροντος και προσοχής εκ μέρους των αρμοδίων κύκλων κατά τας τελευταίας ημέρας.

Η ΒΑΣΙΛΙΚΗ ΟΙΚΟΓΕΝΕΙΑ ΜΕΤΕΒΗ ΕΙΣ ΤΑ ΙΩΑΝΝΙΝΑ

ΙΩΑΝΝΙΝΑ, 20. Η βασιλική οικογένεια αφίκετο εις Ιωάννινα.

κατά τας πληροφορίας του ανταποκριτού μας αι συνομιλίαι συνεχίζονται εν Αθήναις και αναμένονται νέαι ανακοινώσεις της κυβερνήσεως επί του ζητήματος το οποίον απασχολεί την κοινήν γνώμην της χώρας κατά τας τελευταίας ημέρας και εις τας πρωτευούσας των ξένων κρατών όπου παρακολουθούνται αι εξελίξεις μετά μεγάλου ενδιαφέροντος και προσοχής εκ μέρους των αρμοδίων κύκλων κατά τας τελευταίας ημέρας.

ΕΛΗΞΕ ΤΟ ΣΥΝΕΔΡΙΟΝ ΤΟΥ Κ.Κ. ΤΗΣ ΑΛΒΑΝΙΑΣ
Τα Κ.Κ. Βορείου Βιετνάμ και Βορείου Κορέας ακολουθούν την γραμμήν του Κ.Κ. της Κίνας
ΟΙ ΑΝΤΙΠΡΟΣΩΠΟΙ ΟΛΩΝ ΤΩΝ ΕΥΡΩΠΑΪΚΩΝ Κ.Κ.
ΥΠΟΣΤΗΡΙΖΟΥΝ ΤΑΣ ΑΠΟΨΕΙΣ ΤΗΣ ΣΟΒ. ΕΝΩΣΕΩΣ
Ο Έμβερ Χότζα επανεξελέγη γ. γραμματεύς

ΠΑΡΙΣΙΟΙ, 20. (Ασ. Πρές). Οι λόγοι, τους οποίους εξεφώνησαν εις το συνέδριον του Κ.Κ. Αλβανίας.

κατά τας πληροφορίας του ανταποκριτού μας αι συνομιλίαι συνεχίζονται εν Αθήναις και αναμένονται νέαι ανακοινώσεις της κυβερνήσεως επί του ζητήματος το οποίον απασχολεί την κοινήν γνώμην της χώρας κατά τας τελευταίας ημέρας και εις τας πρωτευούσας των ξένων κρατών όπου παρακολουθούνται αι εξελίξεις μετά μεγάλου ενδιαφέροντος και προσοχής εκ μέρους των αρμοδίων κύκλων κατά τας τελευταίας ημέρας.

ΕΠΑΝΕΞΕΛΕΓΗ Ο ΧΟΤΖΑ

κατά τας πληροφορίας του ανταποκριτού μας αι συνομιλίαι συνεχίζονται εν Αθήναις και αναμένονται νέαι ανακοινώσεις της κυβερνήσεως επί του ζητήματος το οποίον απασχολεί την κοινήν γνώμην της χώρας κατά τας τελευταίας ημέρας και εις τας πρωτευούσας των ξένων κρατών όπου παρακολουθούνται αι εξελίξεις μετά μεγάλου ενδιαφέροντος και προσοχής εκ μέρους των αρμοδίων κύκλων κατά τας τελευταίας ημέρας.

κατά τας πληροφορίας του ανταποκριτού μας αι συνομιλίαι συνεχίζονται εν Αθήναις και αναμένονται νέαι ανακοινώσεις της κυβερνήσεως επί του ζητήματος το οποίον απασχολεί την κοινήν γνώμην της χώρας κατά τας τελευταίας ημέρας και εις τας πρωτευούσας των ξένων κρατών όπου παρακολουθούνται αι εξελίξεις μετά μεγάλου ενδιαφέροντος και προσοχής εκ μέρους των αρμοδίων κύκλων κατά τας τελευταίας ημέρας.
